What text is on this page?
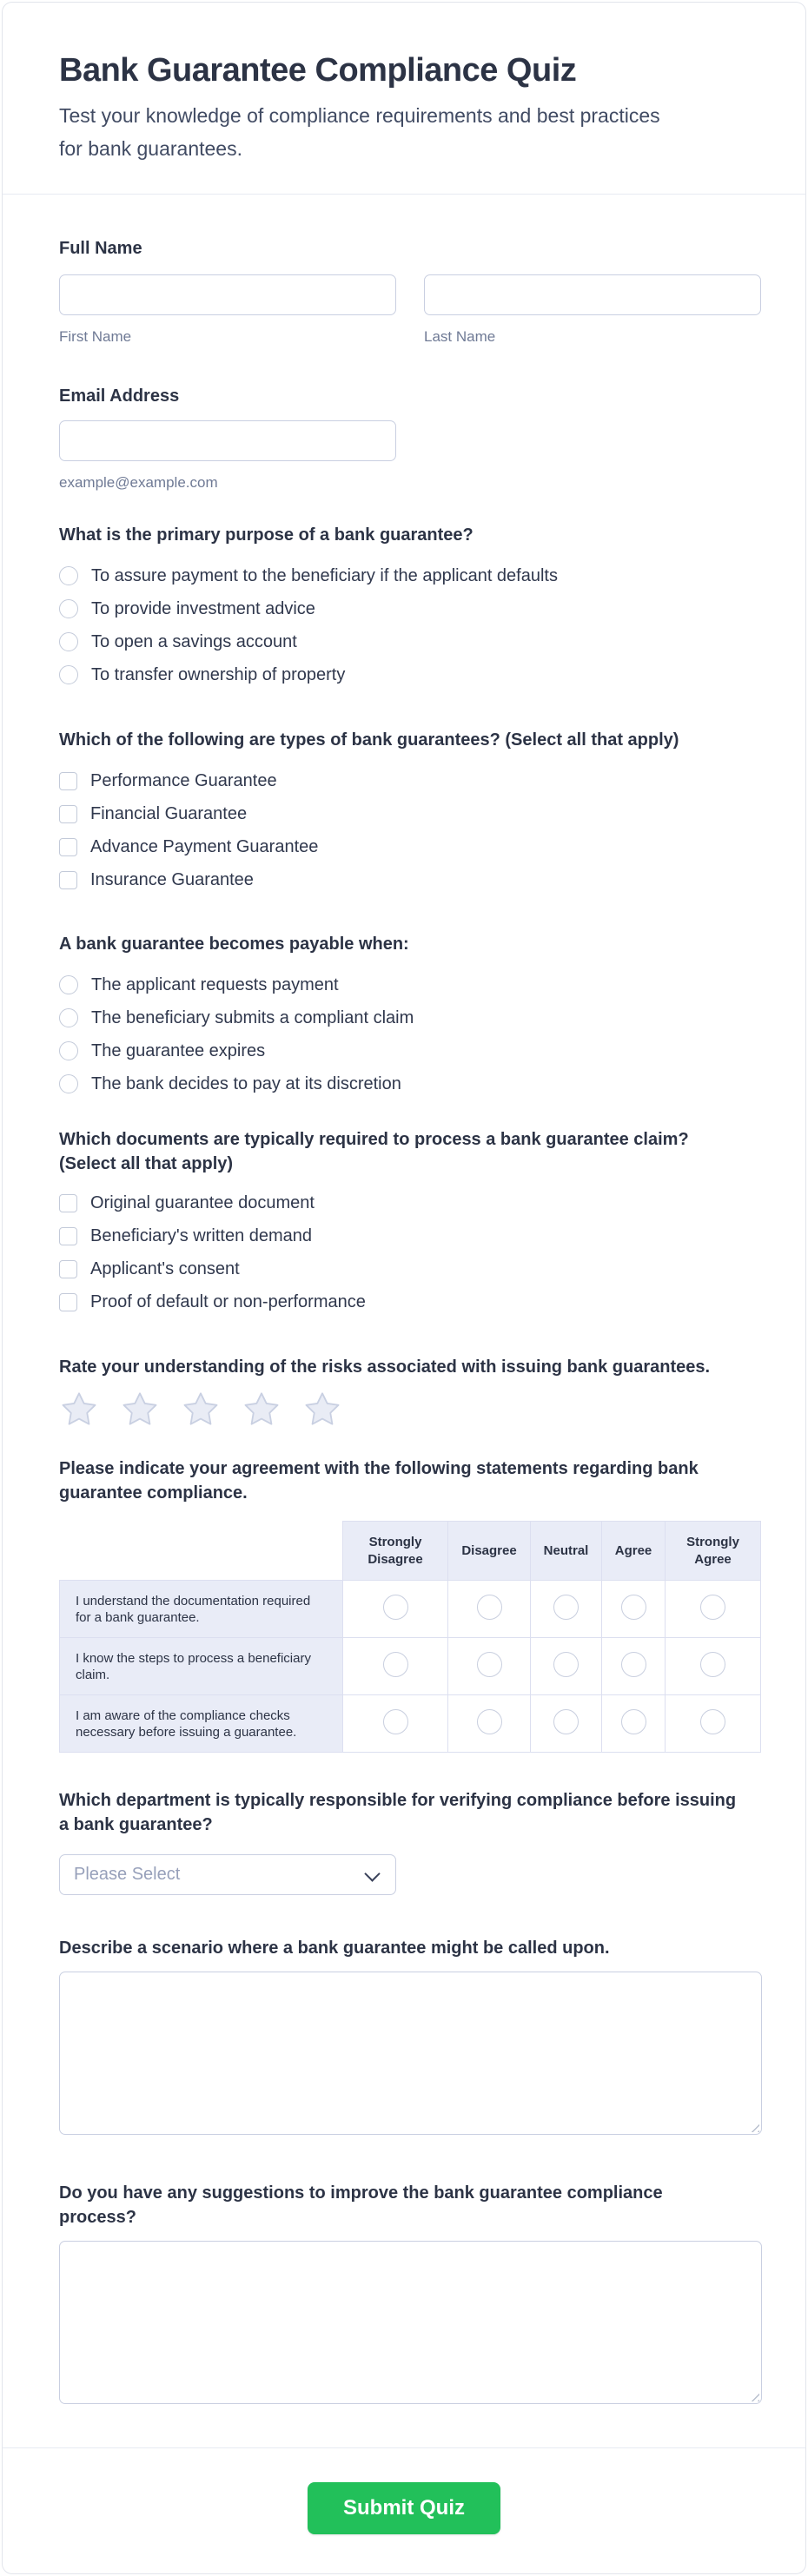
Bank Guarantee Compliance Quiz

Test your knowledge of compliance requirements and best practices for bank guarantees.

Full Name
First Name	Last Name
Email Address
example@example.com
What is the primary purpose of a bank guarantee?
To assure payment to the beneficiary if the applicant defaults
To provide investment advice
To open a savings account
To transfer ownership of property
Which of the following are types of bank guarantees? (Select all that apply)
Performance Guarantee
Financial Guarantee
Advance Payment Guarantee
Insurance Guarantee
A bank guarantee becomes payable when:
The applicant requests payment
The beneficiary submits a compliant claim
The guarantee expires
The bank decides to pay at its discretion
Which documents are typically required to process a bank guarantee claim? (Select all that apply)
Original guarantee document
Beneficiary's written demand
Applicant's consent
Proof of default or non-performance
Rate your understanding of the risks associated with issuing bank guarantees.
Please indicate your agreement with the following statements regarding bank guarantee compliance.
	Strongly Disagree	Disagree	Neutral	Agree	Strongly Agree
I understand the documentation required for a bank guarantee.					
I know the steps to process a beneficiary claim.					
I am aware of the compliance checks necessary before issuing a guarantee.					
Which department is typically responsible for verifying compliance before issuing a bank guarantee?
Please Select
Describe a scenario where a bank guarantee might be called upon.
Do you have any suggestions to improve the bank guarantee compliance process?
Submit Quiz
